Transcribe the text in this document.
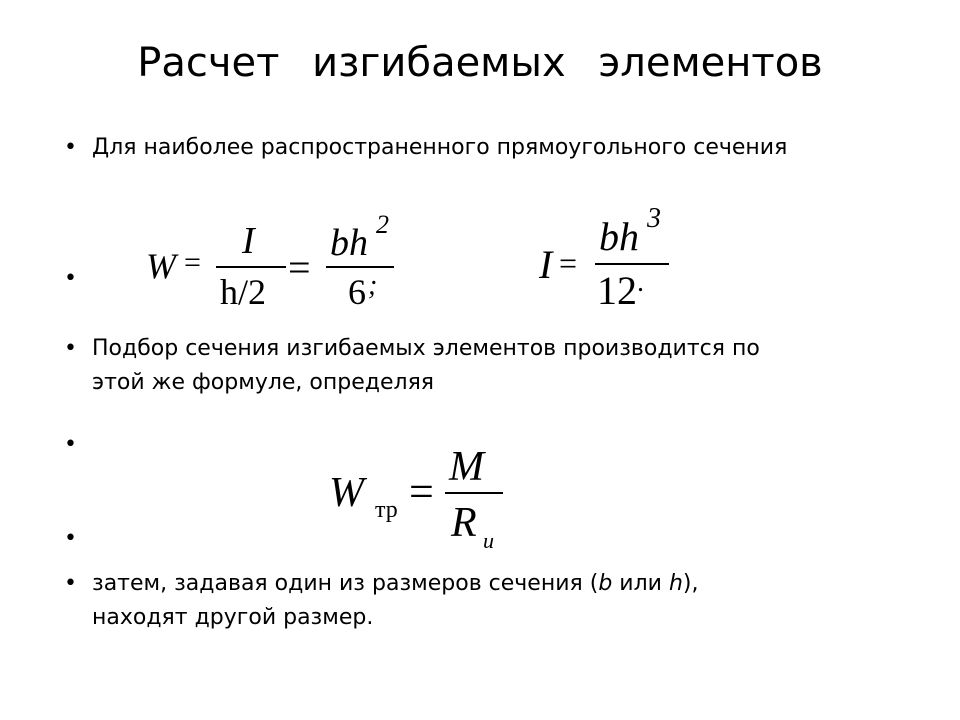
Расчет изгибаемых элементов
• Для наиболее распространенного прямоугольного сечения
• W =
I
h/2
=
bh 2
6 ;	I =
bh 3
12 .
• Подбор сечения изгибаемых элементов производится по
этой же формуле, определяя
•
W тр = M
R и
•
• затем, задавая один из размеров сечения (b или h),
находят другой размер.
